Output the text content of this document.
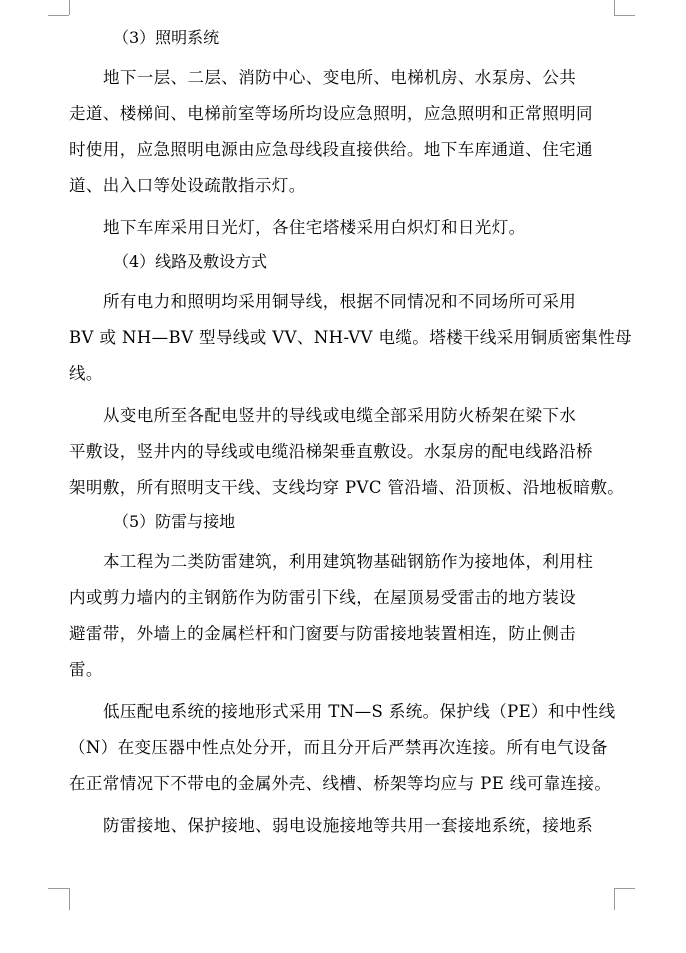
（3）照明系统
地下一层、二层、消防中心、变电所、电梯机房、水泵房、公共
走道、楼梯间、电梯前室等场所均设应急照明，应急照明和正常照明同
时使用，应急照明电源由应急母线段直接供给。地下车库通道、住宅通
道、出入口等处设疏散指示灯。
地下车库采用日光灯，各住宅塔楼采用白炽灯和日光灯。
（4）线路及敷设方式
所有电力和照明均采用铜导线，根据不同情况和不同场所可采用
BV 或 NH—BV 型导线或 VV、NH-VV 电缆。塔楼干线采用铜质密集性母
线。
从变电所至各配电竖井的导线或电缆全部采用防火桥架在梁下水
平敷设，竖井内的导线或电缆沿梯架垂直敷设。水泵房的配电线路沿桥
架明敷，所有照明支干线、支线均穿 PVC 管沿墙、沿顶板、沿地板暗敷。
（5）防雷与接地
本工程为二类防雷建筑，利用建筑物基础钢筋作为接地体，利用柱
内或剪力墙内的主钢筋作为防雷引下线，在屋顶易受雷击的地方装设
避雷带，外墙上的金属栏杆和门窗要与防雷接地装置相连，防止侧击
雷。
低压配电系统的接地形式采用 TN—S 系统。保护线（PE）和中性线
（N）在变压器中性点处分开，而且分开后严禁再次连接。所有电气设备
在正常情况下不带电的金属外壳、线槽、桥架等均应与 PE 线可靠连接。
防雷接地、保护接地、弱电设施接地等共用一套接地系统，接地系
